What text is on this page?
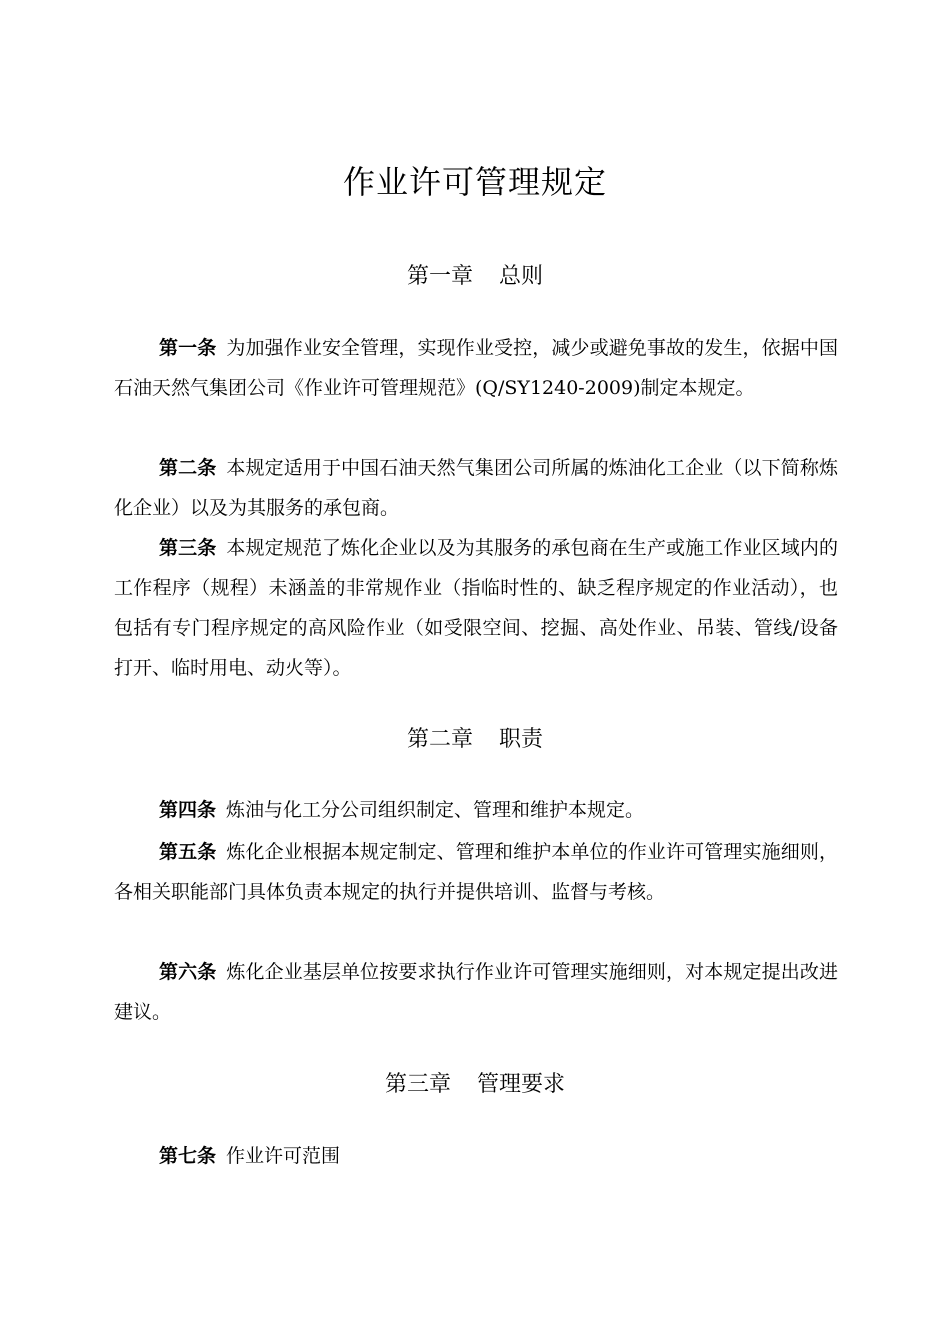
作业许可管理规定
第一章 总则
第一条 为加强作业安全管理，实现作业受控，减少或避免事故的发生，依据中国石油天然气集团公司《作业许可管理规范》(Q/SY1240-2009)制定本规定。
第二条 本规定适用于中国石油天然气集团公司所属的炼油化工企业（以下简称炼化企业）以及为其服务的承包商。
第三条 本规定规范了炼化企业以及为其服务的承包商在生产或施工作业区域内的工作程序（规程）未涵盖的非常规作业（指临时性的、缺乏程序规定的作业活动），也包括有专门程序规定的高风险作业（如受限空间、挖掘、高处作业、吊装、管线/设备打开、临时用电、动火等）。
第二章 职责
第四条 炼油与化工分公司组织制定、管理和维护本规定。
第五条 炼化企业根据本规定制定、管理和维护本单位的作业许可管理实施细则，各相关职能部门具体负责本规定的执行并提供培训、监督与考核。
第六条 炼化企业基层单位按要求执行作业许可管理实施细则，对本规定提出改进建议。
第三章 管理要求
第七条 作业许可范围
